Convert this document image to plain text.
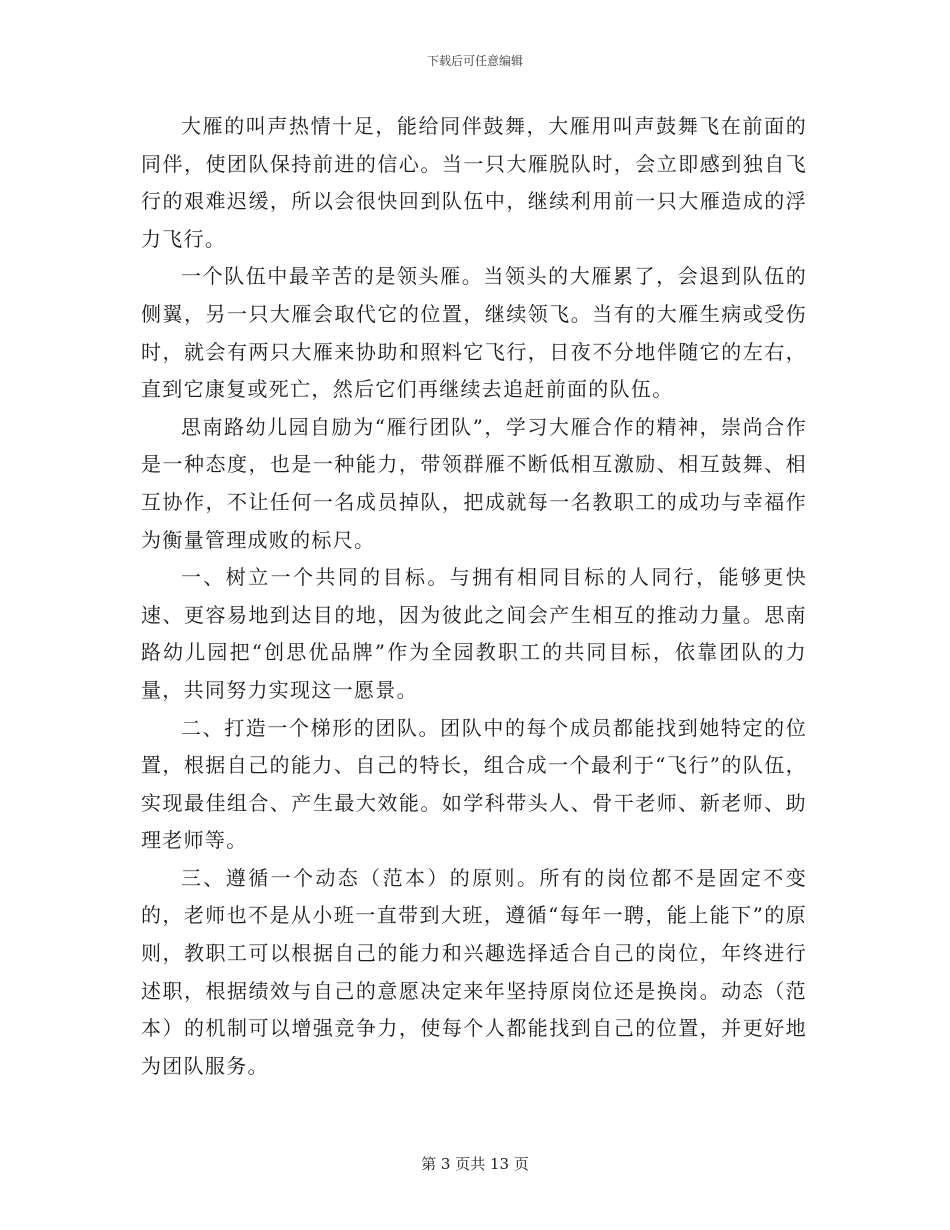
下载后可任意编辑

大雁的叫声热情十足，能给同伴鼓舞，大雁用叫声鼓舞飞在前面的同伴，使团队保持前进的信心。当一只大雁脱队时，会立即感到独自飞行的艰难迟缓，所以会很快回到队伍中，继续利用前一只大雁造成的浮力飞行。

一个队伍中最辛苦的是领头雁。当领头的大雁累了，会退到队伍的侧翼，另一只大雁会取代它的位置，继续领飞。当有的大雁生病或受伤时，就会有两只大雁来协助和照料它飞行，日夜不分地伴随它的左右，直到它康复或死亡，然后它们再继续去追赶前面的队伍。

思南路幼儿园自励为“雁行团队”，学习大雁合作的精神，崇尚合作是一种态度，也是一种能力，带领群雁不断低相互激励、相互鼓舞、相互协作，不让任何一名成员掉队，把成就每一名教职工的成功与幸福作为衡量管理成败的标尺。

一、树立一个共同的目标。与拥有相同目标的人同行，能够更快速、更容易地到达目的地，因为彼此之间会产生相互的推动力量。思南路幼儿园把“创思优品牌”作为全园教职工的共同目标，依靠团队的力量，共同努力实现这一愿景。

二、打造一个梯形的团队。团队中的每个成员都能找到她特定的位置，根据自己的能力、自己的特长，组合成一个最利于“飞行”的队伍，实现最佳组合、产生最大效能。如学科带头人、骨干老师、新老师、助理老师等。

三、遵循一个动态（范本）的原则。所有的岗位都不是固定不变的，老师也不是从小班一直带到大班，遵循“每年一聘，能上能下”的原则，教职工可以根据自己的能力和兴趣选择适合自己的岗位，年终进行述职，根据绩效与自己的意愿决定来年坚持原岗位还是换岗。动态（范本）的机制可以增强竞争力，使每个人都能找到自己的位置，并更好地为团队服务。

第 3 页共 13 页
